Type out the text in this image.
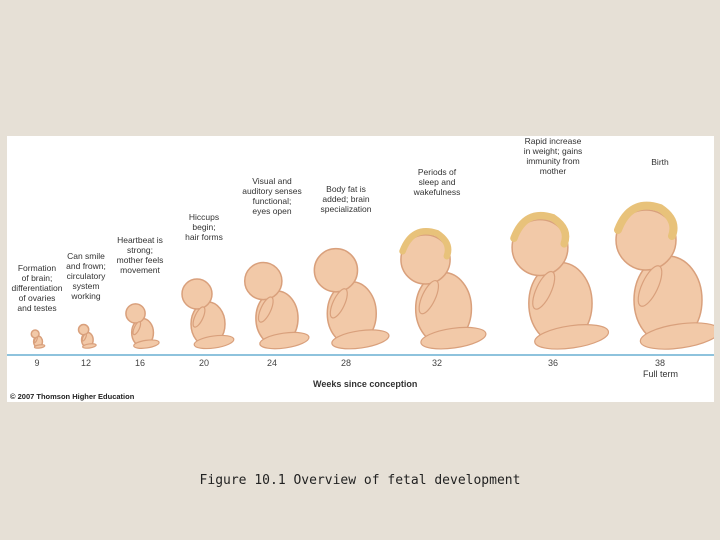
Weeks since conception
Full term
© 2007 Thomson Higher Education
Formation
of brain;
differentiation
of ovaries
and testes
9
Can smile
and frown;
circulatory
system
working
12
Heartbeat is
strong;
mother feels
movement
16
Hiccups
begin;
hair forms
20
Visual and
auditory senses
functional;
eyes open
24
Body fat is
added; brain
specialization
28
Periods of
sleep and
wakefulness
32
Rapid increase
in weight; gains
immunity from
mother
36
Birth
38
Figure 10.1 Overview of fetal development
